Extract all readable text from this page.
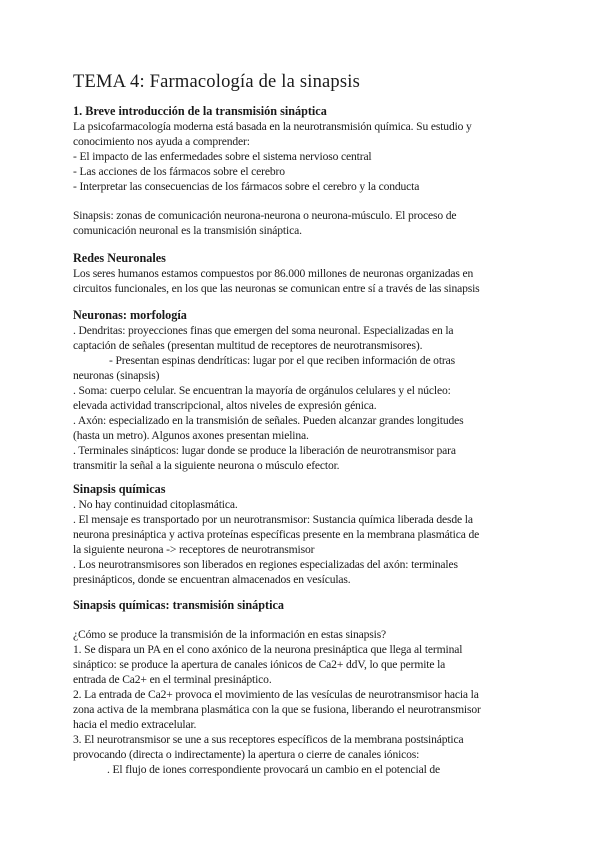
TEMA 4: Farmacología de la sinapsis
1. Breve introducción de la transmisión sináptica
La psicofarmacología moderna está basada en la neurotransmisión química. Su estudio y
conocimiento nos ayuda a comprender:
- El impacto de las enfermedades sobre el sistema nervioso central
- Las acciones de los fármacos sobre el cerebro
- Interpretar las consecuencias de los fármacos sobre el cerebro y la conducta
Sinapsis: zonas de comunicación neurona-neurona o neurona-músculo. El proceso de
comunicación neuronal es la transmisión sináptica.
Redes Neuronales
Los seres humanos estamos compuestos por 86.000 millones de neuronas organizadas en
circuitos funcionales, en los que las neuronas se comunican entre sí a través de las sinapsis
Neuronas: morfología
. Dendritas: proyecciones finas que emergen del soma neuronal. Especializadas en la
captación de señales (presentan multitud de receptores de neurotransmisores).
- Presentan espinas dendríticas: lugar por el que reciben información de otras
neuronas (sinapsis)
. Soma: cuerpo celular. Se encuentran la mayoría de orgánulos celulares y el núcleo:
elevada actividad transcripcional, altos niveles de expresión génica.
. Axón: especializado en la transmisión de señales. Pueden alcanzar grandes longitudes
(hasta un metro). Algunos axones presentan mielina.
. Terminales sinápticos: lugar donde se produce la liberación de neurotransmisor para
transmitir la señal a la siguiente neurona o músculo efector.
Sinapsis químicas
. No hay continuidad citoplasmática.
. El mensaje es transportado por un neurotransmisor: Sustancia química liberada desde la
neurona presináptica y activa proteínas específicas presente en la membrana plasmática de
la siguiente neurona -> receptores de neurotransmisor
. Los neurotransmisores son liberados en regiones especializadas del axón: terminales
presinápticos, donde se encuentran almacenados en vesículas.
Sinapsis químicas: transmisión sináptica
¿Cómo se produce la transmisión de la información en estas sinapsis?
1. Se dispara un PA en el cono axónico de la neurona presináptica que llega al terminal
sináptico: se produce la apertura de canales iónicos de Ca2+ ddV, lo que permite la
entrada de Ca2+ en el terminal presináptico.
2. La entrada de Ca2+ provoca el movimiento de las vesículas de neurotransmisor hacia la
zona activa de la membrana plasmática con la que se fusiona, liberando el neurotransmisor
hacia el medio extracelular.
3. El neurotransmisor se une a sus receptores específicos de la membrana postsináptica
provocando (directa o indirectamente) la apertura o cierre de canales iónicos:
. El flujo de iones correspondiente provocará un cambio en el potencial de
